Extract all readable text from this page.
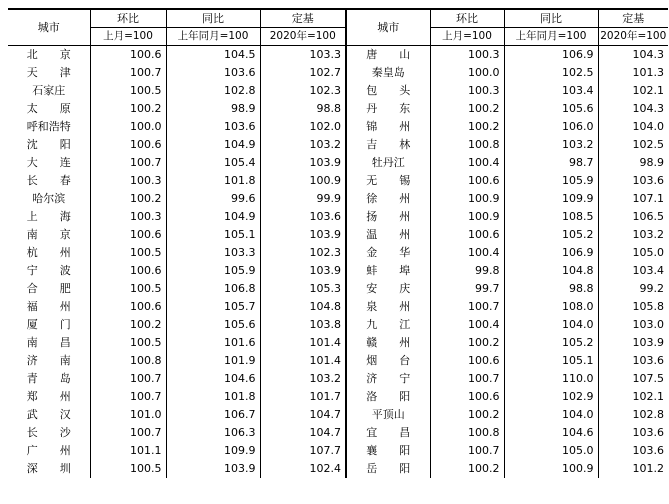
城市	环比	同比	定基	城市	环比	同比	定基
	上月=100	上年同月=100	2020年=100		上月=100	上年同月=100	2020年=100
北　　京	100.6	104.5	103.3	唐　　山	100.3	106.9	104.3
天　　津	100.7	103.6	102.7	秦皇岛	100.0	102.5	101.3
石家庄	100.5	102.8	102.3	包　　头	100.3	103.4	102.1
太　　原	100.2	98.9	98.8	丹　　东	100.2	105.6	104.3
呼和浩特	100.0	103.6	102.0	锦　　州	100.2	106.0	104.0
沈　　阳	100.6	104.9	103.2	吉　　林	100.8	103.2	102.5
大　　连	100.7	105.4	103.9	牡丹江	100.4	98.7	98.9
长　　春	100.3	101.8	100.9	无　　锡	100.6	105.9	103.6
哈尔滨	100.2	99.6	99.9	徐　　州	100.9	109.9	107.1
上　　海	100.3	104.9	103.6	扬　　州	100.9	108.5	106.5
南　　京	100.6	105.1	103.9	温　　州	100.6	105.2	103.2
杭　　州	100.5	103.3	102.3	金　　华	100.4	106.9	105.0
宁　　波	100.6	105.9	103.9	蚌　　埠	99.8	104.8	103.4
合　　肥	100.5	106.8	105.3	安　　庆	99.7	98.8	99.2
福　　州	100.6	105.7	104.8	泉　　州	100.7	108.0	105.8
厦　　门	100.2	105.6	103.8	九　　江	100.4	104.0	103.0
南　　昌	100.5	101.6	101.4	赣　　州	100.2	105.2	103.9
济　　南	100.8	101.9	101.4	烟　　台	100.6	105.1	103.6
青　　岛	100.7	104.6	103.2	济　　宁	100.7	110.0	107.5
郑　　州	100.7	101.8	101.7	洛　　阳	100.6	102.9	102.1
武　　汉	101.0	106.7	104.7	平顶山	100.2	104.0	102.8
长　　沙	100.7	106.3	104.7	宜　　昌	100.8	104.6	103.6
广　　州	101.1	109.9	107.7	襄　　阳	100.7	105.0	103.6
深　　圳	100.5	103.9	102.4	岳　　阳	100.2	100.9	101.2
